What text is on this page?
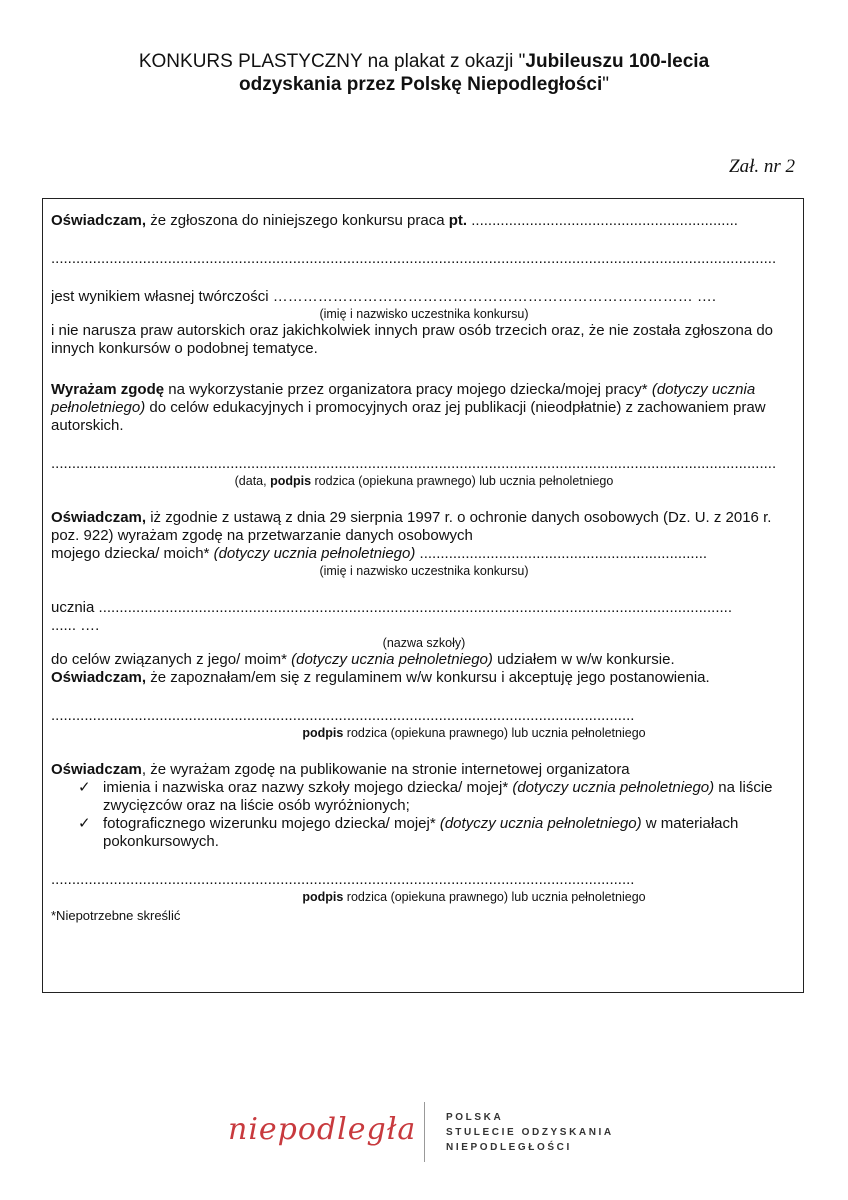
KONKURS PLASTYCZNY na plakat z okazji "Jubileuszu 100-lecia
odzyskania przez Polskę Niepodległości"
Zał. nr 2

Oświadczam, że zgłoszona do niniejszego konkursu praca pt. ................................................................

..............................................................................................................................................................................

jest wynikiem własnej twórczości ………………………………………………………………………… ….

(imię i nazwisko uczestnika konkursu)

i nie narusza praw autorskich oraz jakichkolwiek innych praw osób trzecich oraz, że nie została zgłoszona do innych konkursów o podobnej tematyce.

Wyrażam zgodę na wykorzystanie przez organizatora pracy mojego dziecka/mojej pracy* (dotyczy ucznia pełnoletniego) do celów edukacyjnych i promocyjnych oraz jej publikacji (nieodpłatnie) z zachowaniem praw autorskich.

..............................................................................................................................................................................

(data, podpis rodzica (opiekuna prawnego) lub ucznia pełnoletniego

Oświadczam, iż zgodnie z ustawą z dnia 29 sierpnia 1997 r. o ochronie danych osobowych (Dz. U. z 2016 r. poz. 922) wyrażam zgodę na przetwarzanie danych osobowych

mojego dziecka/ moich* (dotyczy ucznia pełnoletniego) .....................................................................

(imię i nazwisko uczestnika konkursu)

ucznia ........................................................................................................................................................

...... ….

(nazwa szkoły)

do celów związanych z jego/ moim* (dotyczy ucznia pełnoletniego) udziałem w w/w konkursie.

Oświadczam, że zapoznałam/em się z regulaminem w/w konkursu i akceptuję jego postanowienia.

............................................................................................................................................

podpis rodzica (opiekuna prawnego) lub ucznia pełnoletniego

Oświadczam, że wyrażam zgodę na publikowanie na stronie internetowej organizatora

✓ imienia i nazwiska oraz nazwy szkoły mojego dziecka/ mojej* (dotyczy ucznia pełnoletniego) na liście zwycięzców oraz na liście osób wyróżnionych;
✓ fotograficznego wizerunku mojego dziecka/ mojej* (dotyczy ucznia pełnoletniego) w materiałach pokonkursowych.

............................................................................................................................................

podpis rodzica (opiekuna prawnego) lub ucznia pełnoletniego
*Niepotrzebne skreślić
niepodległa	POLSKA
STULECIE ODZYSKANIA
NIEPODLEGŁOŚCI
